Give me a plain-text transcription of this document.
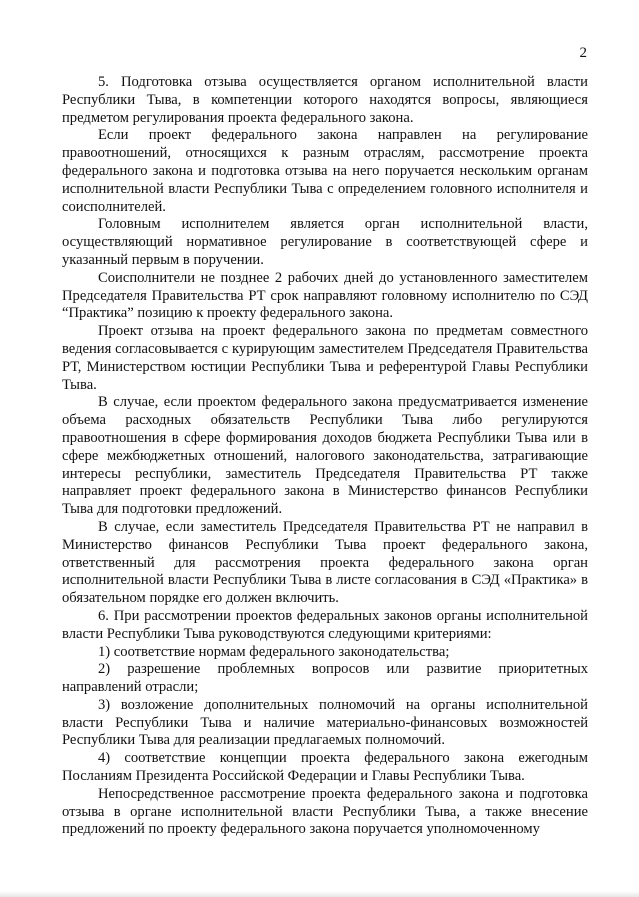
2

5. Подготовка отзыва осуществляется органом исполнительной власти Республики Тыва, в компетенции которого находятся вопросы, являющиеся предметом регулирования проекта федерального закона.

Если проект федерального закона направлен на регулирование правоотношений, относящихся к разным отраслям, рассмотрение проекта федерального закона и подготовка отзыва на него поручается нескольким органам исполнительной власти Республики Тыва с определением головного исполнителя и соисполнителей.

Головным исполнителем является орган исполнительной власти, осуществляющий нормативное регулирование в соответствующей сфере и указанный первым в поручении.

Соисполнители не позднее 2 рабочих дней до установленного заместителем Председателя Правительства РТ срок направляют головному исполнителю по СЭД “Практика” позицию к проекту федерального закона.

Проект отзыва на проект федерального закона по предметам совместного ведения согласовывается с курирующим заместителем Председателя Правительства РТ, Министерством юстиции Республики Тыва и референтурой Главы Республики Тыва.

В случае, если проектом федерального закона предусматривается изменение объема расходных обязательств Республики Тыва либо регулируются правоотношения в сфере формирования доходов бюджета Республики Тыва или в сфере межбюджетных отношений, налогового законодательства, затрагивающие интересы республики, заместитель Председателя Правительства РТ также направляет проект федерального закона в Министерство финансов Республики Тыва для подготовки предложений.

В случае, если заместитель Председателя Правительства РТ не направил в Министерство финансов Республики Тыва проект федерального закона, ответственный для рассмотрения проекта федерального закона орган исполнительной власти Республики Тыва в листе согласования в СЭД «Практика» в обязательном порядке его должен включить.

6. При рассмотрении проектов федеральных законов органы исполнительной власти Республики Тыва руководствуются следующими критериями:

1) соответствие нормам федерального законодательства;

2) разрешение проблемных вопросов или развитие приоритетных направлений отрасли;

3) возложение дополнительных полномочий на органы исполнительной власти Республики Тыва и наличие материально-финансовых возможностей Республики Тыва для реализации предлагаемых полномочий.

4) соответствие концепции проекта федерального закона ежегодным Посланиям Президента Российской Федерации и Главы Республики Тыва.

Непосредственное рассмотрение проекта федерального закона и подготовка отзыва в органе исполнительной власти Республики Тыва, а также внесение предложений по проекту федерального закона поручается уполномоченному
